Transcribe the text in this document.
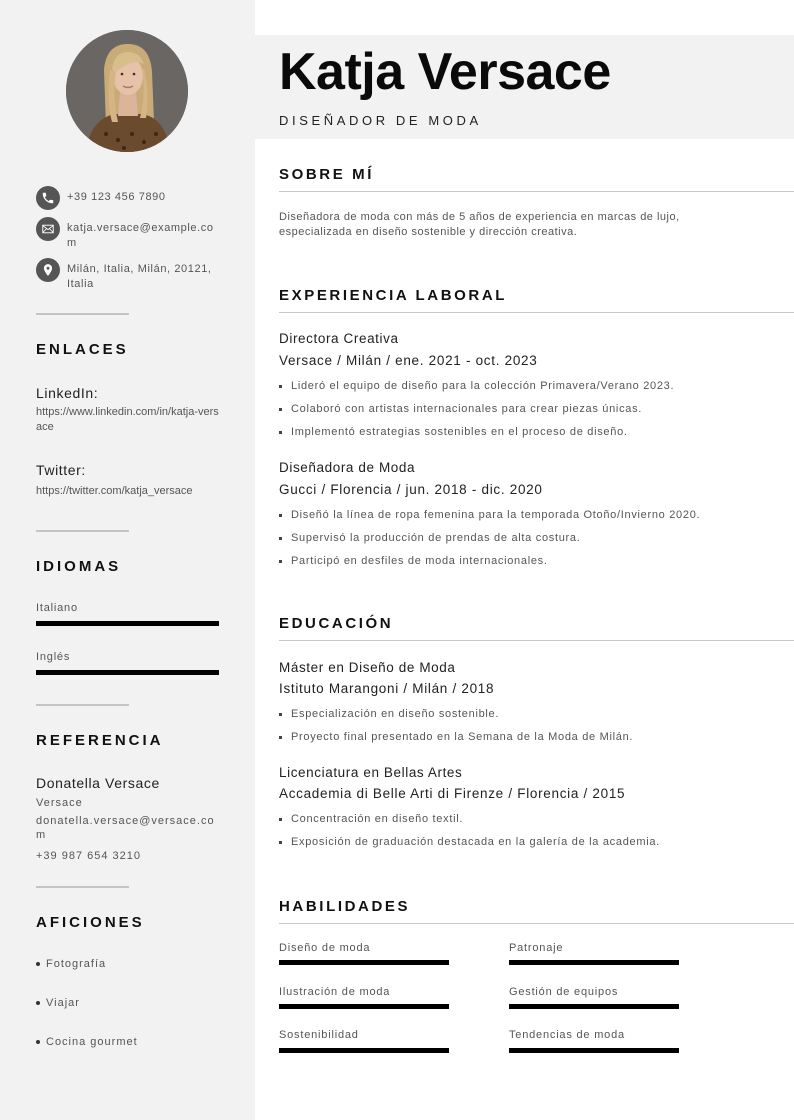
+39 123 456 7890
katja.versace@example.com
Milán, Italia, Milán, 20121, Italia
ENLACES
LinkedIn:
https://www.linkedin.com/in/katja-versace
Twitter:
https://twitter.com/katja_versace
IDIOMAS
Italiano
Inglés
REFERENCIA
Donatella Versace
Versace
donatella.versace@versace.com
+39 987 654 3210
AFICIONES
Fotografía
Viajar
Cocina gourmet
Katja Versace
DISEÑADOR DE MODA
SOBRE MÍ
Diseñadora de moda con más de 5 años de experiencia en marcas de lujo, especializada en diseño sostenible y dirección creativa.
EXPERIENCIA LABORAL
Directora Creativa
Versace / Milán / ene. 2021 - oct. 2023
Lideró el equipo de diseño para la colección Primavera/Verano 2023.
Colaboró con artistas internacionales para crear piezas únicas.
Implementó estrategias sostenibles en el proceso de diseño.
Diseñadora de Moda
Gucci / Florencia / jun. 2018 - dic. 2020
Diseñó la línea de ropa femenina para la temporada Otoño/Invierno 2020.
Supervisó la producción de prendas de alta costura.
Participó en desfiles de moda internacionales.
EDUCACIÓN
Máster en Diseño de Moda
Istituto Marangoni / Milán / 2018
Especialización en diseño sostenible.
Proyecto final presentado en la Semana de la Moda de Milán.
Licenciatura en Bellas Artes
Accademia di Belle Arti di Firenze / Florencia / 2015
Concentración en diseño textil.
Exposición de graduación destacada en la galería de la academia.
HABILIDADES
Diseño de moda	Patronaje
Ilustración de moda	Gestión de equipos
Sostenibilidad	Tendencias de moda
